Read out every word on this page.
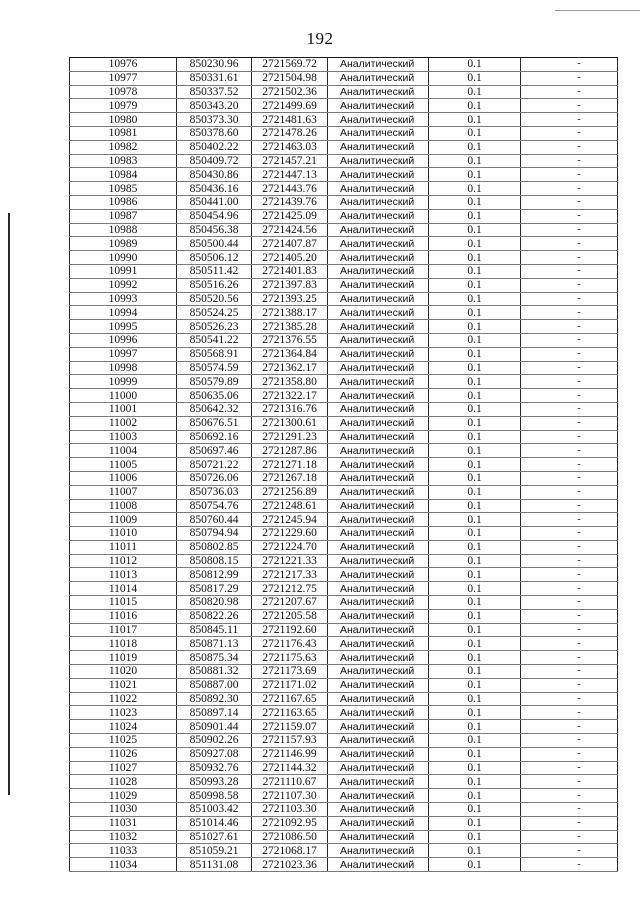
192
10976	850230.96	2721569.72	Аналитический	0.1	-
10977	850331.61	2721504.98	Аналитический	0.1	-
10978	850337.52	2721502.36	Аналитический	0.1	-
10979	850343.20	2721499.69	Аналитический	0.1	-
10980	850373.30	2721481.63	Аналитический	0.1	-
10981	850378.60	2721478.26	Аналитический	0.1	-
10982	850402.22	2721463.03	Аналитический	0.1	-
10983	850409.72	2721457.21	Аналитический	0.1	-
10984	850430.86	2721447.13	Аналитический	0.1	-
10985	850436.16	2721443.76	Аналитический	0.1	-
10986	850441.00	2721439.76	Аналитический	0.1	-
10987	850454.96	2721425.09	Аналитический	0.1	-
10988	850456.38	2721424.56	Аналитический	0.1	-
10989	850500.44	2721407.87	Аналитический	0.1	-
10990	850506.12	2721405.20	Аналитический	0.1	-
10991	850511.42	2721401.83	Аналитический	0.1	-
10992	850516.26	2721397.83	Аналитический	0.1	-
10993	850520.56	2721393.25	Аналитический	0.1	-
10994	850524.25	2721388.17	Аналитический	0.1	-
10995	850526.23	2721385.28	Аналитический	0.1	-
10996	850541.22	2721376.55	Аналитический	0.1	-
10997	850568.91	2721364.84	Аналитический	0.1	-
10998	850574.59	2721362.17	Аналитический	0.1	-
10999	850579.89	2721358.80	Аналитический	0.1	-
11000	850635.06	2721322.17	Аналитический	0.1	-
11001	850642.32	2721316.76	Аналитический	0.1	-
11002	850676.51	2721300.61	Аналитический	0.1	-
11003	850692.16	2721291.23	Аналитический	0.1	-
11004	850697.46	2721287.86	Аналитический	0.1	-
11005	850721.22	2721271.18	Аналитический	0.1	-
11006	850726.06	2721267.18	Аналитический	0.1	-
11007	850736.03	2721256.89	Аналитический	0.1	-
11008	850754.76	2721248.61	Аналитический	0.1	-
11009	850760.44	2721245.94	Аналитический	0.1	-
11010	850794.94	2721229.60	Аналитический	0.1	-
11011	850802.85	2721224.70	Аналитический	0.1	-
11012	850808.15	2721221.33	Аналитический	0.1	-
11013	850812.99	2721217.33	Аналитический	0.1	-
11014	850817.29	2721212.75	Аналитический	0.1	-
11015	850820.98	2721207.67	Аналитический	0.1	-
11016	850822.26	2721205.58	Аналитический	0.1	-
11017	850845.11	2721192.60	Аналитический	0.1	-
11018	850871.13	2721176.43	Аналитический	0.1	-
11019	850875.34	2721175.63	Аналитический	0.1	-
11020	850881.32	2721173.69	Аналитический	0.1	-
11021	850887.00	2721171.02	Аналитический	0.1	-
11022	850892.30	2721167.65	Аналитический	0.1	-
11023	850897.14	2721163.65	Аналитический	0.1	-
11024	850901.44	2721159.07	Аналитический	0.1	-
11025	850902.26	2721157.93	Аналитический	0.1	-
11026	850927.08	2721146.99	Аналитический	0.1	-
11027	850932.76	2721144.32	Аналитический	0.1	-
11028	850993.28	2721110.67	Аналитический	0.1	-
11029	850998.58	2721107.30	Аналитический	0.1	-
11030	851003.42	2721103.30	Аналитический	0.1	-
11031	851014.46	2721092.95	Аналитический	0.1	-
11032	851027.61	2721086.50	Аналитический	0.1	-
11033	851059.21	2721068.17	Аналитический	0.1	-
11034	851131.08	2721023.36	Аналитический	0.1	-
